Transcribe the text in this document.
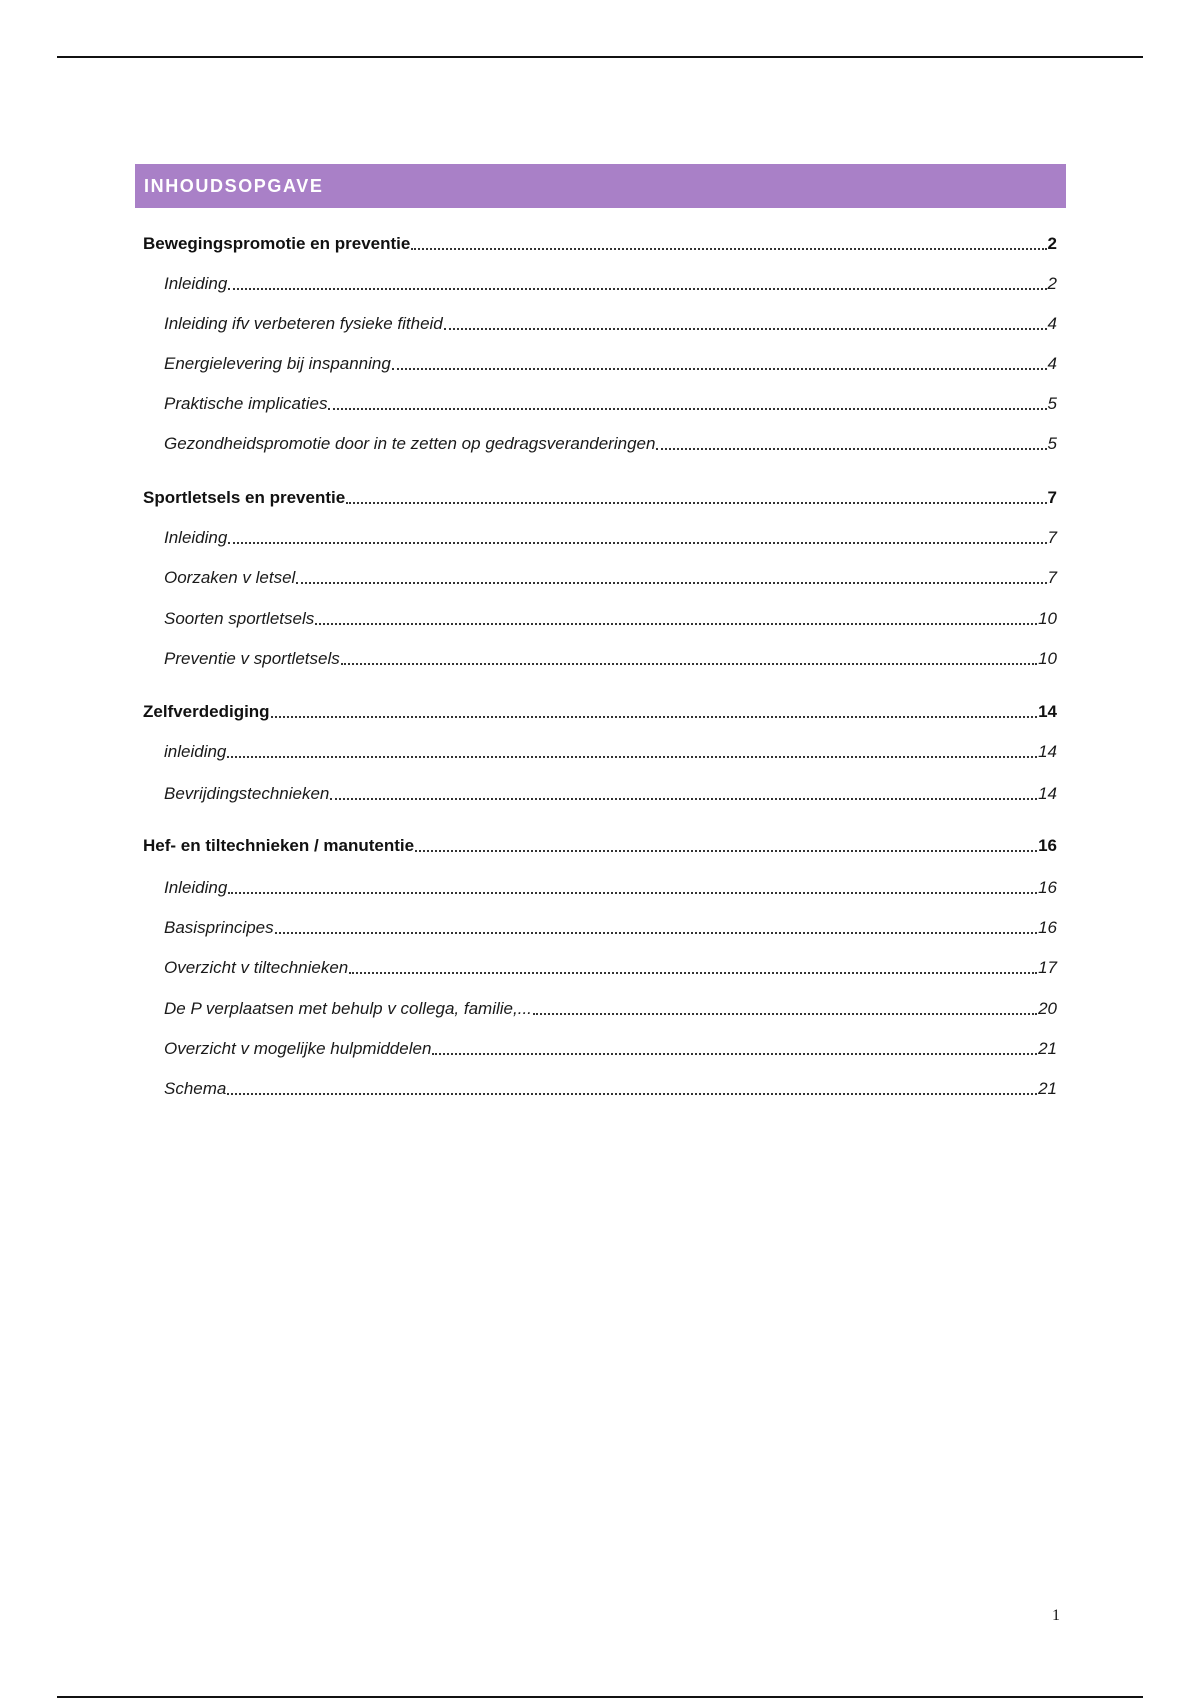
INHOUDSOPGAVE
Bewegingspromotie en preventie	2
Inleiding	2
Inleiding ifv verbeteren fysieke fitheid	4
Energielevering bij inspanning	4
Praktische implicaties	5
Gezondheidspromotie door in te zetten op gedragsveranderingen	5
Sportletsels en preventie	7
Inleiding	7
Oorzaken v letsel	7
Soorten sportletsels	10
Preventie v sportletsels	10
Zelfverdediging	14
inleiding	14
Bevrijdingstechnieken	14
Hef- en tiltechnieken / manutentie	16
Inleiding	16
Basisprincipes	16
Overzicht v tiltechnieken	17
De P verplaatsen met behulp v collega, familie,...	20
Overzicht v mogelijke hulpmiddelen	21
Schema	21
1
